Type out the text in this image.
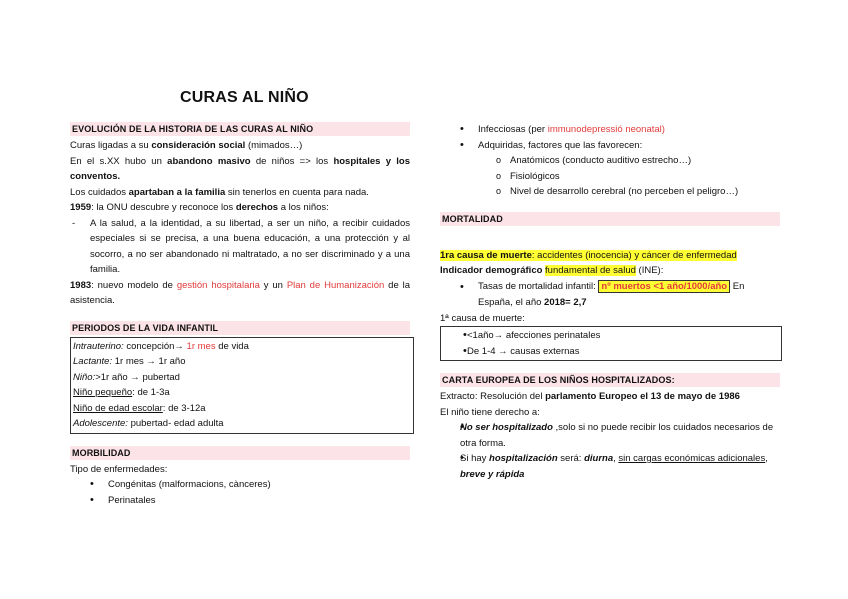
CURAS AL NIÑO
EVOLUCIÓN DE LA HISTORIA DE LAS CURAS AL NIÑO
Curas ligadas a su consideración social (mimados…)
En el s.XX hubo un abandono masivo de niños => los hospitales y los conventos.
Los cuidados apartaban a la familia sin tenerlos en cuenta para nada.
1959: la ONU descubre y reconoce los derechos a los niños:
- A la salud, a la identidad, a su libertad, a ser un niño, a recibir cuidados especiales si se precisa, a una buena educación, a una protección y al socorro, a no ser abandonado ni maltratado, a no ser discriminado y a una familia.
1983: nuevo modelo de gestión hospitalaria y un Plan de Humanización de la asistencia.
PERIODOS DE LA VIDA INFANTIL
Intrauterino: concepción→ 1r mes de vida
Lactante: 1r mes → 1r año
Niño:>1r año → pubertad
Niño pequeño: de 1-3a
Niño de edad escolar: de 3-12a
Adolescente: pubertad- edad adulta
MORBILIDAD
Tipo de enfermedades:
• Congénitas (malformacions, cànceres)
• Perinatales
• Infecciosas (per immunodepressió neonatal)
• Adquiridas, factores que las favorecen:
o Anatómicos (conducto auditivo estrecho…)
o Fisiológicos
o Nivel de desarrollo cerebral (no perceben el peligro…)
MORTALIDAD
1ra causa de muerte: accidentes (inocencia) y cáncer de enfermedad
Indicador demográfico fundamental de salud (INE):
• Tasas de mortalidad infantil: nº muertos <1 año/1000/año En
España, el año 2018= 2,7
1ª causa de muerte:
• <1año→ afecciones perinatales
• De 1-4 → causas externas
CARTA EUROPEA DE LOS NIÑOS HOSPITALIZADOS:
Extracto: Resolución del parlamento Europeo el 13 de mayo de 1986
El niño tiene derecho a:
• No ser hospitalizado ,solo si no puede recibir los cuidados necesarios de otra forma.
• Si hay hospitalización será: diurna, sin cargas económicas adicionales,
breve y rápida
